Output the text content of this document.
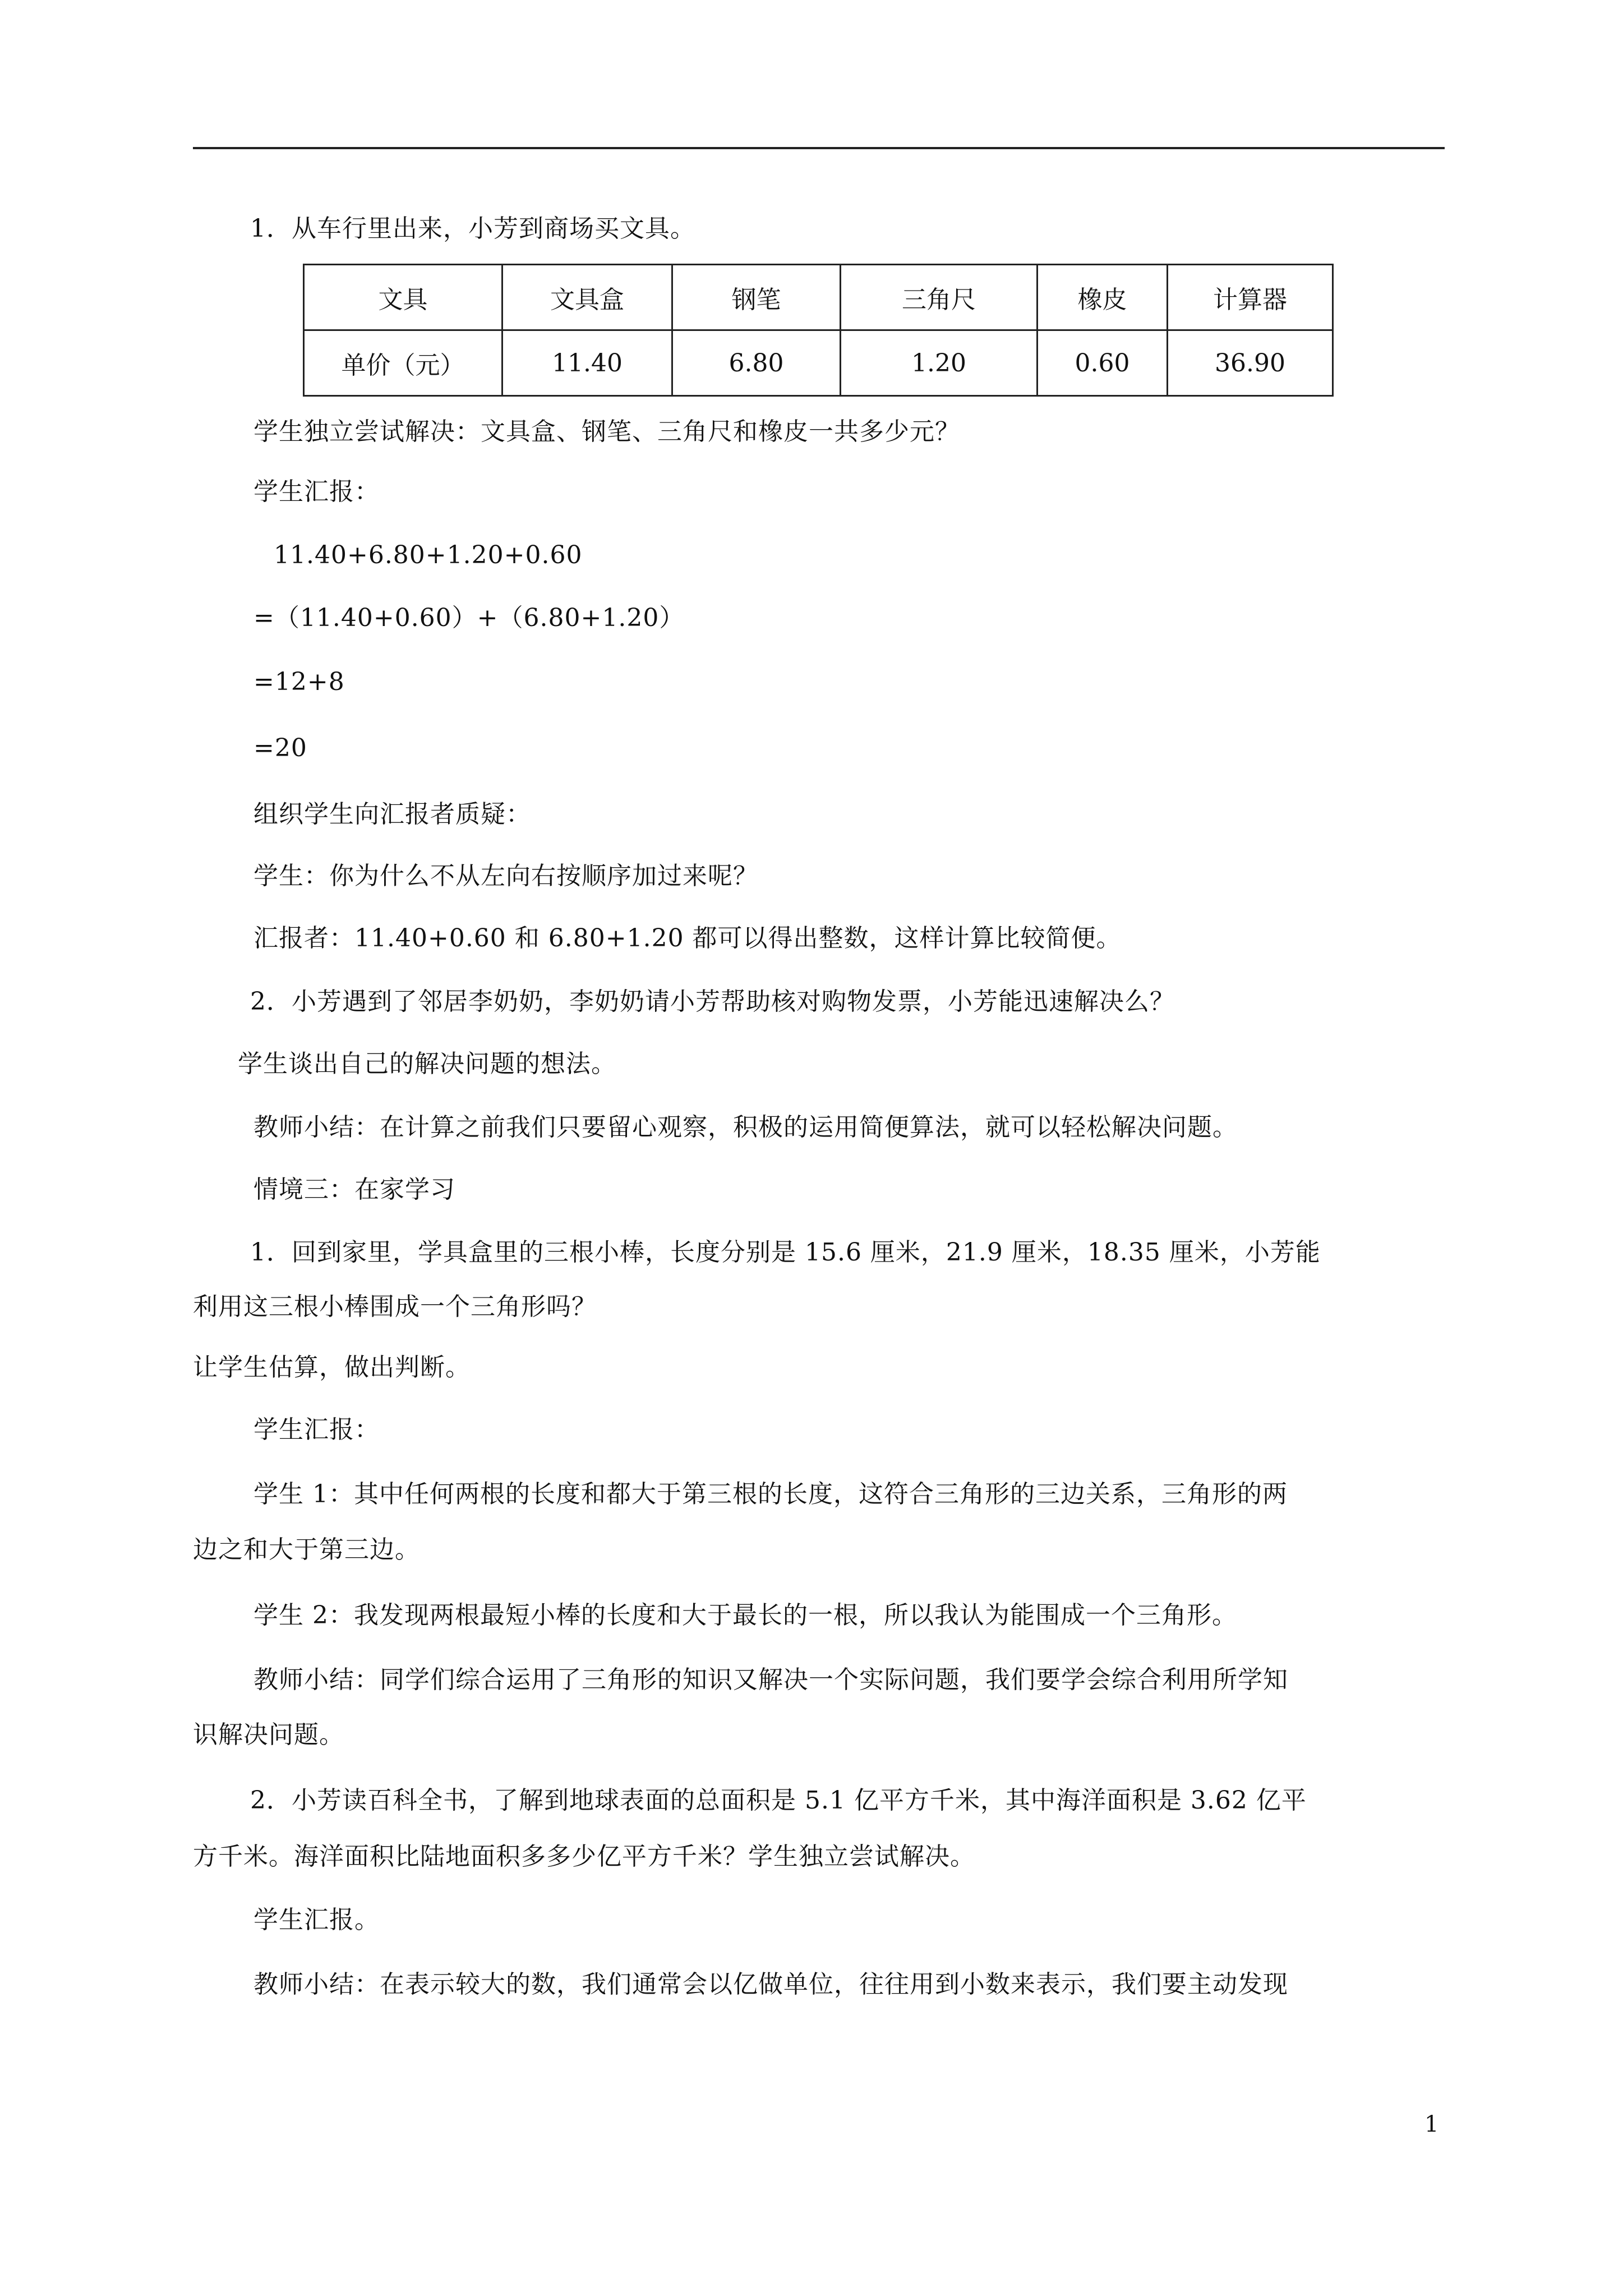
1．从车行里出来，小芳到商场买文具。
文具	文具盒	钢笔	三角尺	橡皮	计算器
单价（元）	11.40	6.80	1.20	0.60	36.90
学生独立尝试解决：文具盒、钢笔、三角尺和橡皮一共多少元？
学生汇报：
11.40+6.80+1.20+0.60
=（11.40+0.60）+（6.80+1.20）
=12+8
=20
组织学生向汇报者质疑：
学生：你为什么不从左向右按顺序加过来呢？
汇报者：11.40+0.60 和 6.80+1.20 都可以得出整数，这样计算比较简便。
2．小芳遇到了邻居李奶奶，李奶奶请小芳帮助核对购物发票，小芳能迅速解决么？
学生谈出自己的解决问题的想法。
教师小结：在计算之前我们只要留心观察，积极的运用简便算法，就可以轻松解决问题。
情境三：在家学习
1．回到家里，学具盒里的三根小棒，长度分别是 15.6 厘米，21.9 厘米，18.35 厘米，小芳能
利用这三根小棒围成一个三角形吗？
让学生估算，做出判断。
学生汇报：
学生 1：其中任何两根的长度和都大于第三根的长度，这符合三角形的三边关系，三角形的两
边之和大于第三边。
学生 2：我发现两根最短小棒的长度和大于最长的一根，所以我认为能围成一个三角形。
教师小结：同学们综合运用了三角形的知识又解决一个实际问题，我们要学会综合利用所学知
识解决问题。
2．小芳读百科全书，了解到地球表面的总面积是 5.1 亿平方千米，其中海洋面积是 3.62 亿平
方千米。海洋面积比陆地面积多多少亿平方千米？学生独立尝试解决。
学生汇报。
教师小结：在表示较大的数，我们通常会以亿做单位，往往用到小数来表示，我们要主动发现
1
